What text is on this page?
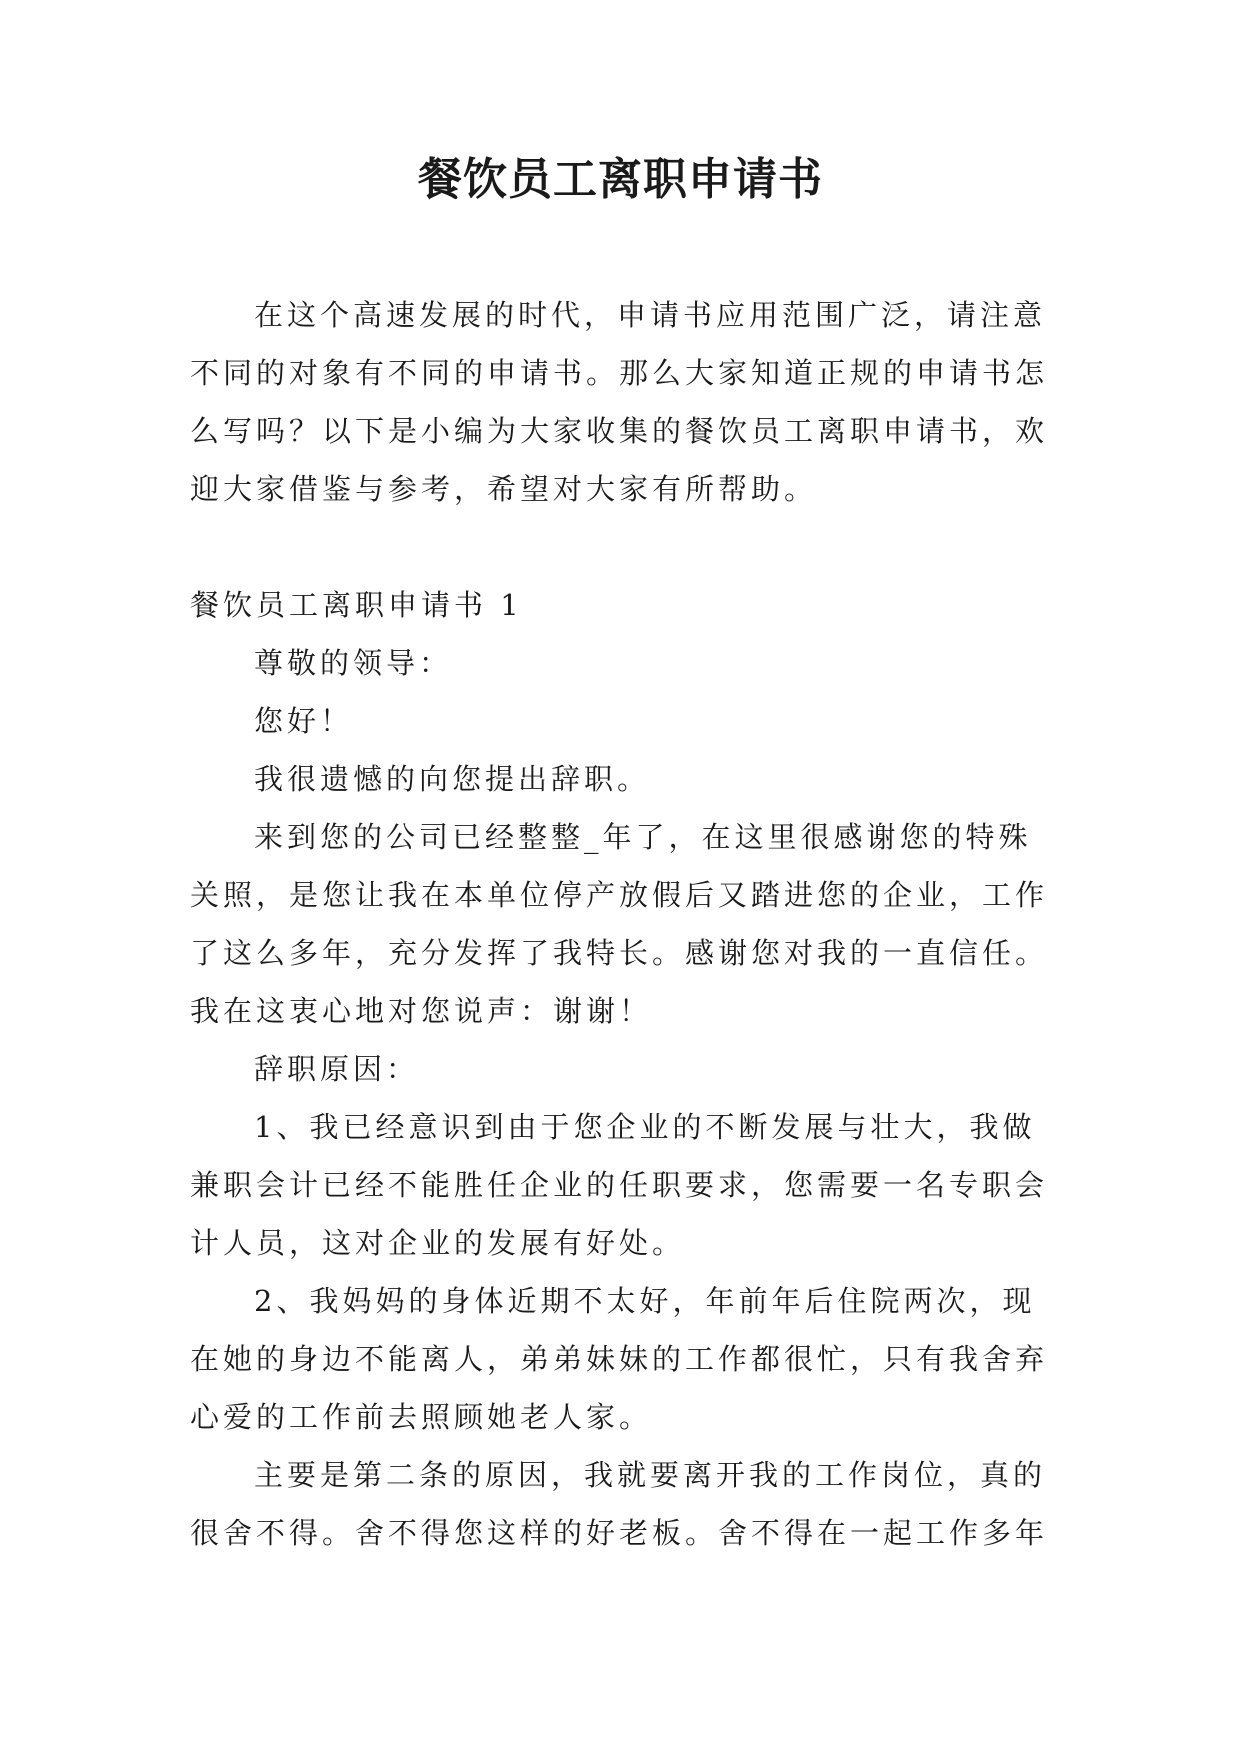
餐饮员工离职申请书

在这个高速发展的时代，申请书应用范围广泛，请注意不同的对象有不同的申请书。那么大家知道正规的申请书怎么写吗？以下是小编为大家收集的餐饮员工离职申请书，欢迎大家借鉴与参考，希望对大家有所帮助。

餐饮员工离职申请书 1

尊敬的领导：

您好！

我很遗憾的向您提出辞职。

来到您的公司已经整整_年了，在这里很感谢您的特殊关照，是您让我在本单位停产放假后又踏进您的企业，工作了这么多年，充分发挥了我特长。感谢您对我的一直信任。我在这衷心地对您说声：谢谢！

辞职原因：

1、我已经意识到由于您企业的不断发展与壮大，我做兼职会计已经不能胜任企业的任职要求，您需要一名专职会计人员，这对企业的发展有好处。

2、我妈妈的身体近期不太好，年前年后住院两次，现在她的身边不能离人，弟弟妹妹的工作都很忙，只有我舍弃心爱的工作前去照顾她老人家。

主要是第二条的原因，我就要离开我的工作岗位，真的很舍不得。舍不得您这样的好老板。舍不得在一起工作多年
